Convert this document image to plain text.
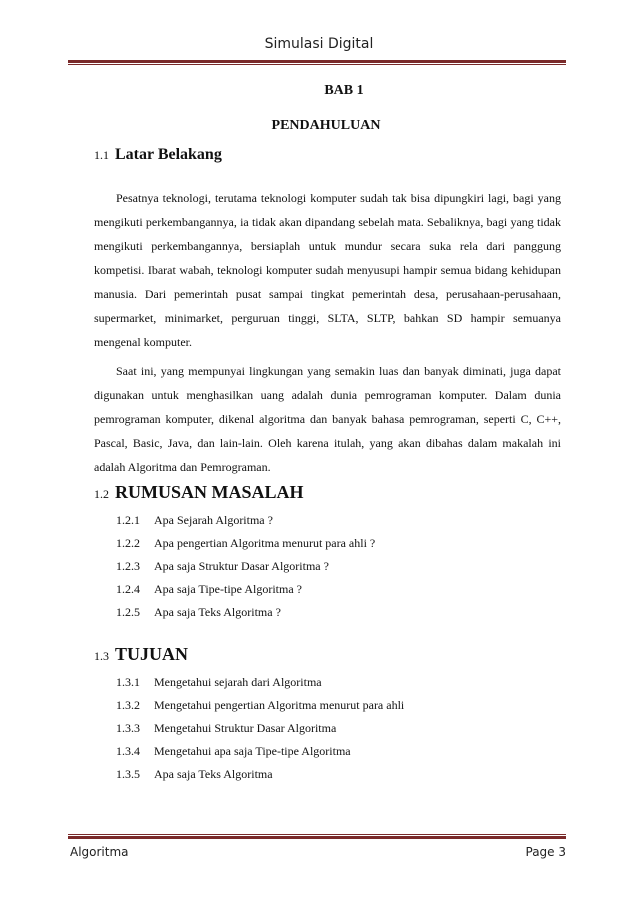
Simulasi Digital
BAB 1
PENDAHULUAN
1.1 Latar Belakang

Pesatnya teknologi, terutama teknologi komputer sudah tak bisa dipungkiri lagi, bagi yang mengikuti perkembangannya, ia tidak akan dipandang sebelah mata. Sebaliknya, bagi yang tidak mengikuti perkembangannya, bersiaplah untuk mundur secara suka rela dari panggung kompetisi. Ibarat wabah, teknologi komputer sudah menyusupi hampir semua bidang kehidupan manusia. Dari pemerintah pusat sampai tingkat pemerintah desa, perusahaan-perusahaan, supermarket, minimarket, perguruan tinggi, SLTA, SLTP, bahkan SD hampir semuanya mengenal komputer.

Saat ini, yang mempunyai lingkungan yang semakin luas dan banyak diminati, juga dapat digunakan untuk menghasilkan uang adalah dunia pemrograman komputer. Dalam dunia pemrograman komputer, dikenal algoritma dan banyak bahasa pemrograman, seperti C, C++, Pascal, Basic, Java, dan lain-lain. Oleh karena itulah, yang akan dibahas dalam makalah ini adalah Algoritma dan Pemrograman.

1.2 RUMUSAN MASALAH
1.2.1 Apa Sejarah Algoritma ?
1.2.2 Apa pengertian Algoritma menurut para ahli ?
1.2.3 Apa saja Struktur Dasar Algoritma ?
1.2.4 Apa saja Tipe-tipe Algoritma ?
1.2.5 Apa saja Teks Algoritma ?
1.3 TUJUAN
1.3.1 Mengetahui sejarah dari Algoritma
1.3.2 Mengetahui pengertian Algoritma menurut para ahli
1.3.3 Mengetahui Struktur Dasar Algoritma
1.3.4 Mengetahui apa saja Tipe-tipe Algoritma
1.3.5 Apa saja Teks Algoritma
Algoritma	Page 3
